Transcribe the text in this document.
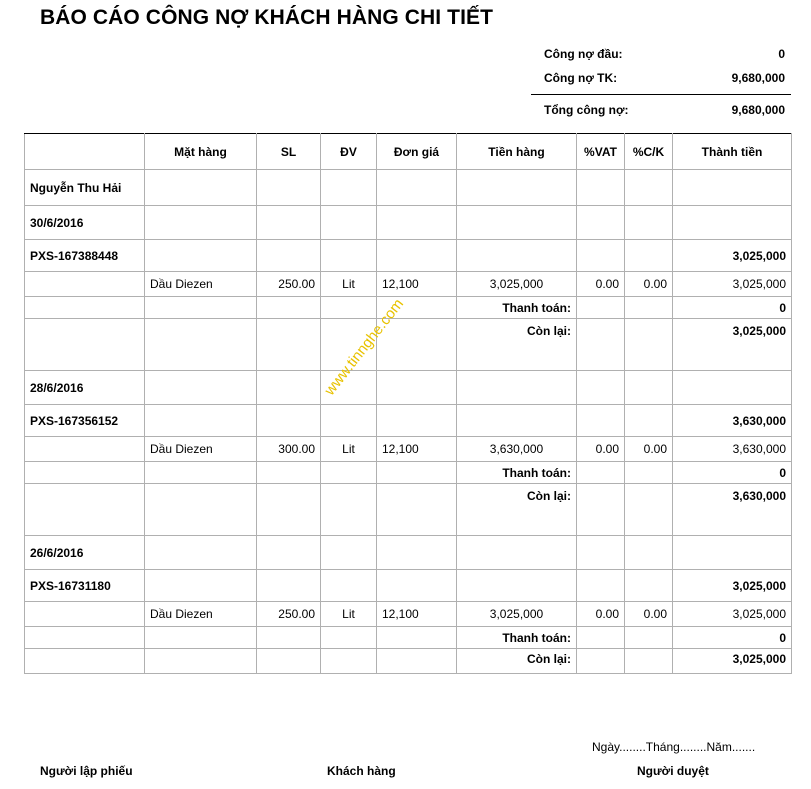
BÁO CÁO CÔNG NỢ KHÁCH HÀNG CHI TIẾT
Công nợ đầu:	0
Công nợ TK:	9,680,000
Tổng công nợ:	9,680,000
	Mặt hàng	SL	ĐV	Đơn giá	Tiền hàng	%VAT	%C/K	Thành tiền
Nguyễn Thu Hải								
30/6/2016								
PXS-167388448								3,025,000
	Dầu Diezen	250.00	Lit	12,100	3,025,000	0.00	0.00	3,025,000
					Thanh toán:			0
					Còn lại:			3,025,000
28/6/2016								
PXS-167356152								3,630,000
	Dầu Diezen	300.00	Lit	12,100	3,630,000	0.00	0.00	3,630,000
					Thanh toán:			0
					Còn lại:			3,630,000
26/6/2016								
PXS-16731180								3,025,000
	Dầu Diezen	250.00	Lit	12,100	3,025,000	0.00	0.00	3,025,000
					Thanh toán:			0
					Còn lại:			3,025,000
www.tinnghe.com
Ngày........Tháng........Năm.......
Người lập phiếu	Khách hàng	Người duyệt
